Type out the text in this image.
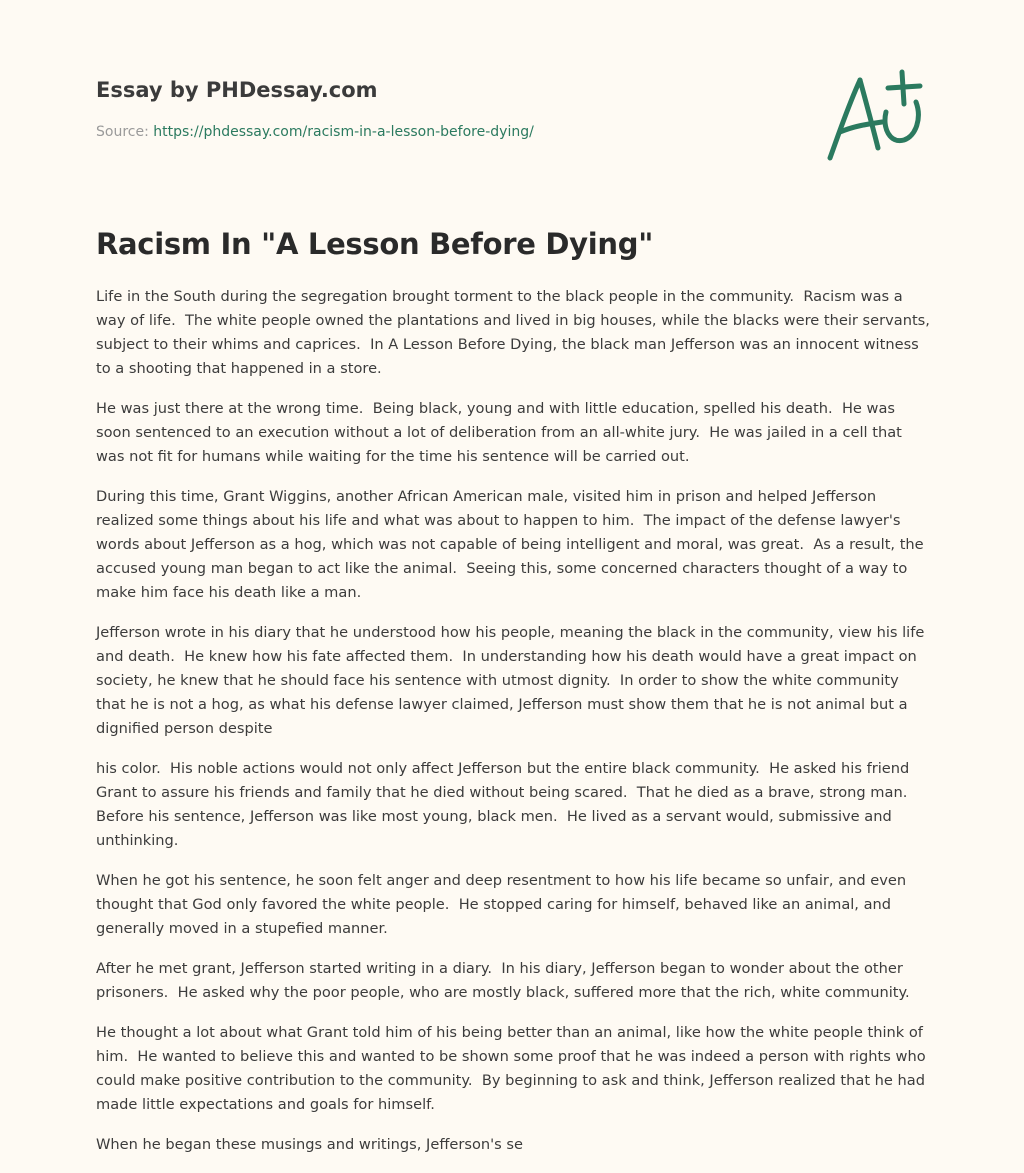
Essay by PHDessay.com
Source: https://phdessay.com/racism-in-a-lesson-before-dying/
Racism In "A Lesson Before Dying"

Life in the South during the segregation brought torment to the black people in the community.  Racism was a way of life.  The white people owned the plantations and lived in big houses, while the blacks were their servants, subject to their whims and caprices.  In A Lesson Before Dying, the black man Jefferson was an innocent witness to a shooting that happened in a store.

He was just there at the wrong time.  Being black, young and with little education, spelled his death.  He was soon sentenced to an execution without a lot of deliberation from an all-white jury.  He was jailed in a cell that was not fit for humans while waiting for the time his sentence will be carried out.

During this time, Grant Wiggins, another African American male, visited him in prison and helped Jefferson realized some things about his life and what was about to happen to him.  The impact of the defense lawyer's words about Jefferson as a hog, which was not capable of being intelligent and moral, was great.  As a result, the accused young man began to act like the animal.  Seeing this, some concerned characters thought of a way to make him face his death like a man.

Jefferson wrote in his diary that he understood how his people, meaning the black in the community, view his life and death.  He knew how his fate affected them.  In understanding how his death would have a great impact on society, he knew that he should face his sentence with utmost dignity.  In order to show the white community that he is not a hog, as what his defense lawyer claimed, Jefferson must show them that he is not animal but a dignified person despite

his color.  His noble actions would not only affect Jefferson but the entire black community.  He asked his friend Grant to assure his friends and family that he died without being scared.  That he died as a brave, strong man.  Before his sentence, Jefferson was like most young, black men.  He lived as a servant would, submissive and unthinking.

When he got his sentence, he soon felt anger and deep resentment to how his life became so unfair, and even thought that God only favored the white people.  He stopped caring for himself, behaved like an animal, and generally moved in a stupefied manner.

After he met grant, Jefferson started writing in a diary.  In his diary, Jefferson began to wonder about the other prisoners.  He asked why the poor people, who are mostly black, suffered more that the rich, white community.

He thought a lot about what Grant told him of his being better than an animal, like how the white people think of him.  He wanted to believe this and wanted to be shown some proof that he was indeed a person with rights who could make positive contribution to the community.  By beginning to ask and think, Jefferson realized that he had made little expectations and goals for himself.

When he began these musings and writings, Jefferson's se
